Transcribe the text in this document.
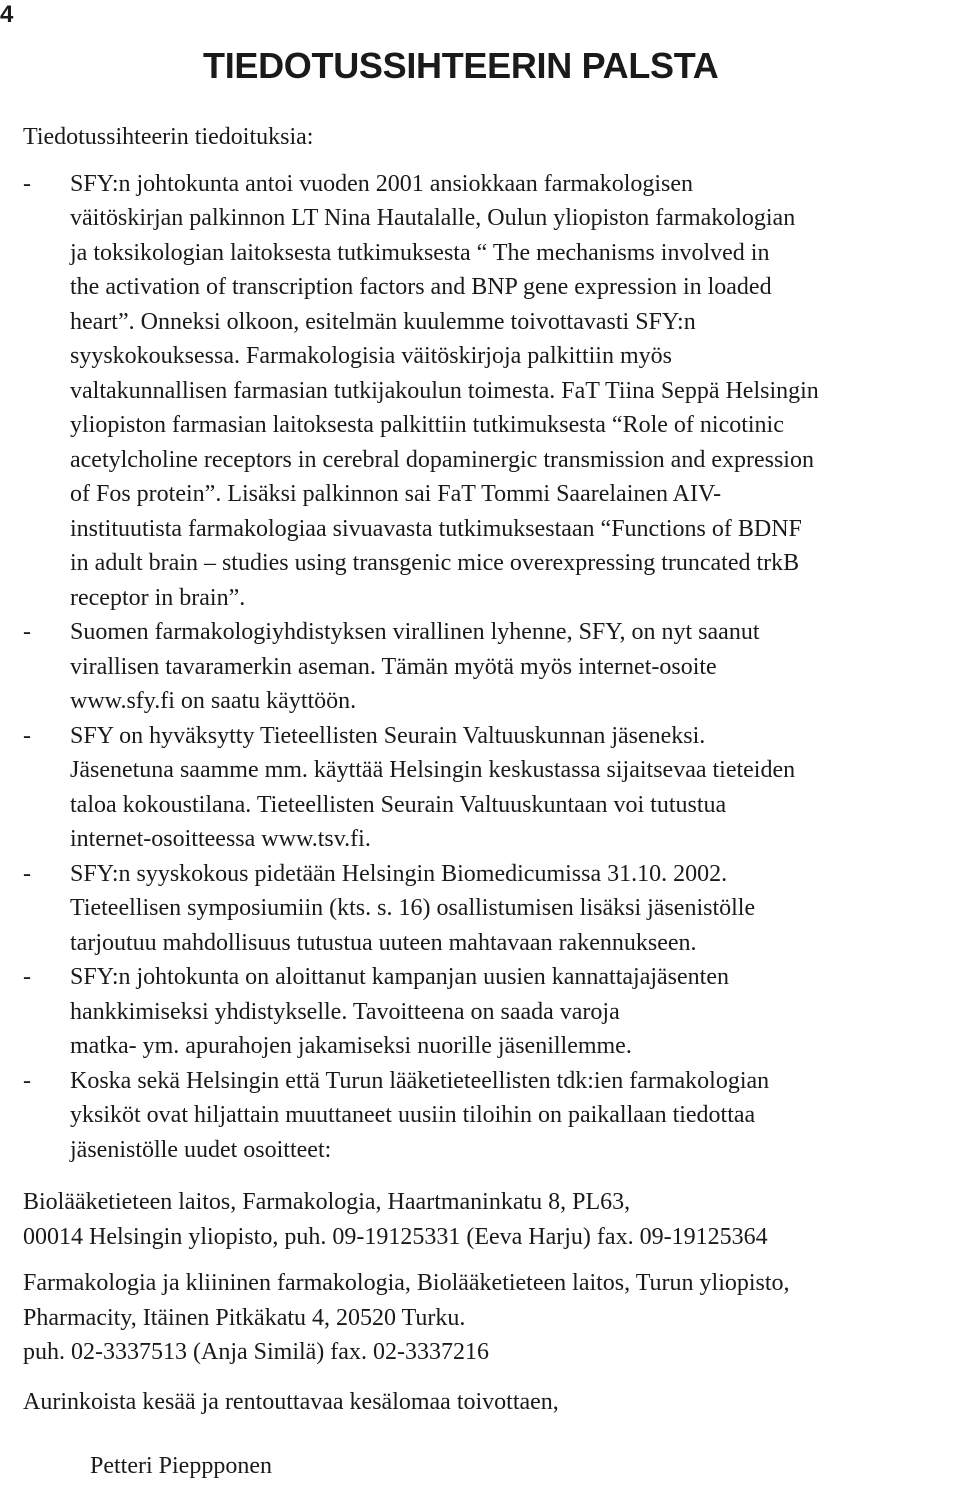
4
TIEDOTUSSIHTEERIN PALSTA

Tiedotussihteerin tiedoituksia:

-	SFY:n johtokunta antoi vuoden 2001 ansiokkaan farmakologisen
väitöskirjan palkinnon LT Nina Hautalalle, Oulun yliopiston farmakologian
ja toksikologian laitoksesta tutkimuksesta “ The mechanisms involved in
the activation of transcription factors and BNP gene expression in loaded
heart”. Onneksi olkoon, esitelmän kuulemme toivottavasti SFY:n
syyskokouksessa. Farmakologisia väitöskirjoja palkittiin myös
valtakunnallisen farmasian tutkijakoulun toimesta. FaT Tiina Seppä Helsingin
yliopiston farmasian laitoksesta palkittiin tutkimuksesta “Role of nicotinic
acetylcholine receptors in cerebral dopaminergic transmission and expression
of Fos protein”. Lisäksi palkinnon sai FaT Tommi Saarelainen AIV-
instituutista farmakologiaa sivuavasta tutkimuksestaan “Functions of BDNF
in adult brain – studies using transgenic mice overexpressing truncated trkB
receptor in brain”.
-	Suomen farmakologiyhdistyksen virallinen lyhenne, SFY, on nyt saanut
virallisen tavaramerkin aseman. Tämän myötä myös internet-osoite
www.sfy.fi on saatu käyttöön.
-	SFY on hyväksytty Tieteellisten Seurain Valtuuskunnan jäseneksi.
Jäsenetuna saamme mm. käyttää Helsingin keskustassa sijaitsevaa tieteiden
taloa kokoustilana. Tieteellisten Seurain Valtuuskuntaan voi tutustua
internet-osoitteessa www.tsv.fi.
-	SFY:n syyskokous pidetään Helsingin Biomedicumissa 31.10. 2002.
Tieteellisen symposiumiin (kts. s. 16) osallistumisen lisäksi jäsenistölle
tarjoutuu mahdollisuus tutustua uuteen mahtavaan rakennukseen.
-	SFY:n johtokunta on aloittanut kampanjan uusien kannattajajäsenten
hankkimiseksi yhdistykselle. Tavoitteena on saada varoja
matka- ym. apurahojen jakamiseksi nuorille jäsenillemme.
-	Koska sekä Helsingin että Turun lääketieteellisten tdk:ien farmakologian
yksiköt ovat hiljattain muuttaneet uusiin tiloihin on paikallaan tiedottaa
jäsenistölle uudet osoitteet:
Biolääketieteen laitos, Farmakologia, Haartmaninkatu 8, PL63,
00014 Helsingin yliopisto, puh. 09-19125331 (Eeva Harju) fax. 09-19125364
Farmakologia ja kliininen farmakologia, Biolääketieteen laitos, Turun yliopisto,
Pharmacity, Itäinen Pitkäkatu 4, 20520 Turku.
puh. 02-3337513 (Anja Similä) fax. 02-3337216
Aurinkoista kesää ja rentouttavaa kesälomaa toivottaen,
Petteri Pieppponen
